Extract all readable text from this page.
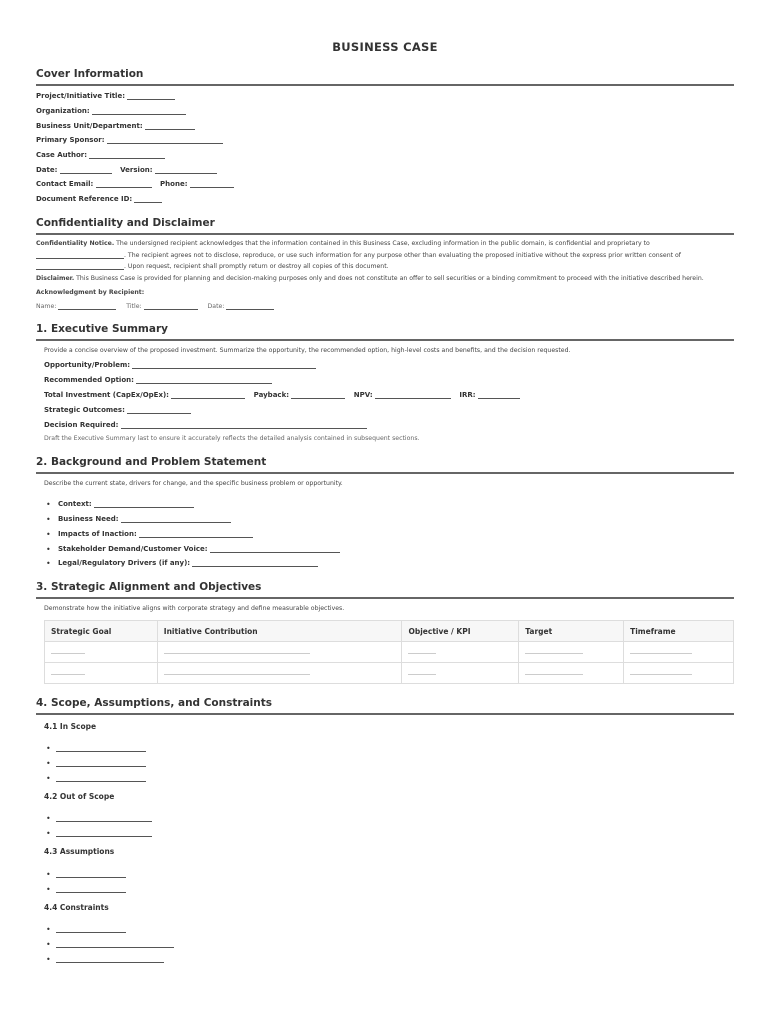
BUSINESS CASE
Cover Information
Project/Initiative Title:
Organization:
Business Unit/Department:
Primary Sponsor:
Case Author:
Date:	Version:
Contact Email:	Phone:
Document Reference ID:
Confidentiality and Disclaimer
Confidentiality Notice. The undersigned recipient acknowledges that the information contained in this Business Case, excluding information in the public domain, is confidential and proprietary to
. The recipient agrees not to disclose, reproduce, or use such information for any purpose other than evaluating the proposed initiative without the express prior written consent of
. Upon request, recipient shall promptly return or destroy all copies of this document.
Disclaimer. This Business Case is provided for planning and decision-making purposes only and does not constitute an offer to sell securities or a binding commitment to proceed with the initiative described herein.
Acknowledgment by Recipient:
Name:	Title:	Date:
1. Executive Summary
Provide a concise overview of the proposed investment. Summarize the opportunity, the recommended option, high-level costs and benefits, and the decision requested.
Opportunity/Problem:
Recommended Option:
Total Investment (CapEx/OpEx):	Payback:	NPV:	IRR:
Strategic Outcomes:
Decision Required:
Draft the Executive Summary last to ensure it accurately reflects the detailed analysis contained in subsequent sections.
2. Background and Problem Statement
Describe the current state, drivers for change, and the specific business problem or opportunity.
• Context:
• Business Need:
• Impacts of Inaction:
• Stakeholder Demand/Customer Voice:
• Legal/Regulatory Drivers (if any):
3. Strategic Alignment and Objectives
Demonstrate how the initiative aligns with corporate strategy and define measurable objectives.
Strategic Goal	Initiative Contribution	Objective / KPI	Target	Timeframe

4. Scope, Assumptions, and Constraints
4.1 In Scope
•
•
•
4.2 Out of Scope
•
•
4.3 Assumptions
•
•
4.4 Constraints
•
•
•
